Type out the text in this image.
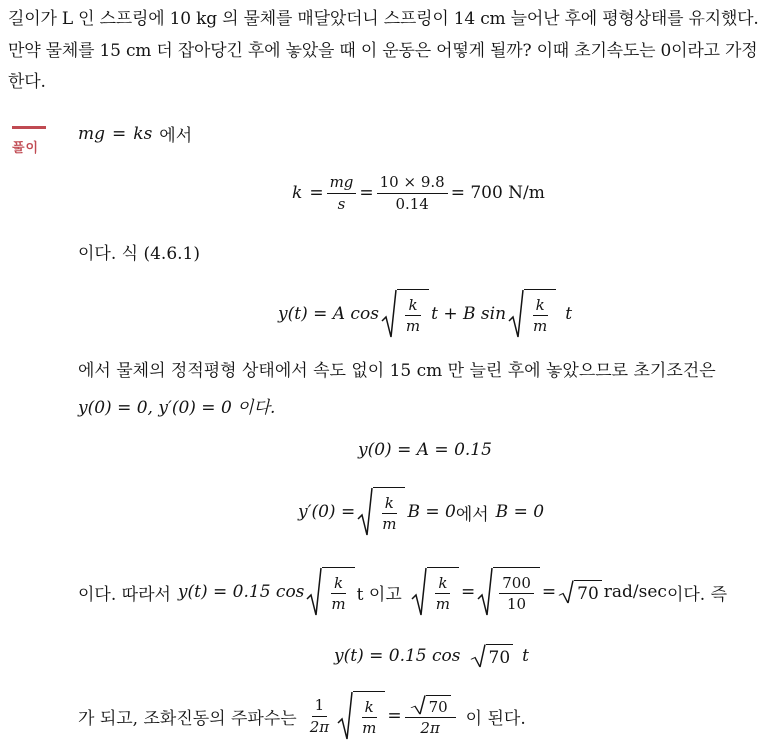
길이가 L 인 스프링에 10 kg 의 물체를 매달았더니 스프링이 14 cm 늘어난 후에 평형상태를 유지했다. 만약 물체를 15 cm 더 잡아당긴 후에 놓았을 때 이 운동은 어떻게 될까? 이때 초기속도는 0이라고 가정한다.
풀이
mg = ks 에서
$k = \frac{mg}{s} = \frac{10 \times 9.8}{0.14} = 700$ N/m
이다. 식 (4.6.1)
y(t) = A $\cos \frac{k}{m}$ t + B $\sin \frac{k}{m}$ t
에서 물체의 정적평형 상태에서 속도 없이 15 cm 만 늘린 후에 놓았으므로 초기조건은
y(0) = 0, y′(0) = 0 이다.
y(0) = A = 0.15
$y'(0) = \frac{k}{m}$ B = 0 에서 B = 0
이다. 따라서 y(t) = 0.15 $\cos \frac{k}{m}$ t 이고 $\frac{k}{m} = \frac{700}{10} = 70$ rad/sec 이다. 즉
y(t) = 0.15 cos 70 t
가 되고, 조화진동의 주파수는 $\frac{1}{2\pi} \frac{k}{m} = \frac{70}{2\pi}$ 이 된다.
